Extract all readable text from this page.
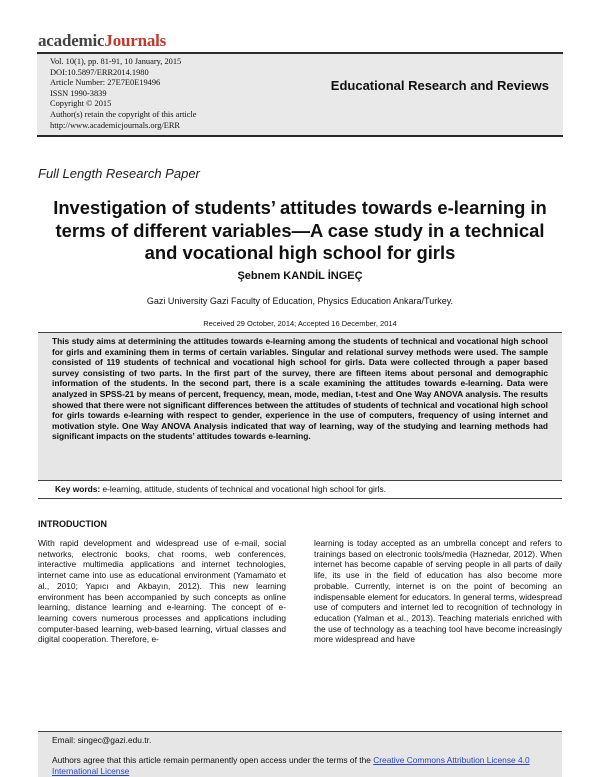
academicJournals
Vol. 10(1), pp. 81-91, 10 January, 2015
DOI:10.5897/ERR2014.1980
Article Number: 27E7E0E19496
ISSN 1990-3839
Copyright © 2015
Author(s) retain the copyright of this article
http://www.academicjournals.org/ERR
Educational Research and Reviews
Full Length Research Paper
Investigation of students’ attitudes towards e-learning in terms of different variables—A case study in a technical and vocational high school for girls
Şebnem KANDİL İNGEÇ
Gazi University Gazi Faculty of Education, Physics Education Ankara/Turkey.
Received 29 October, 2014; Accepted 16 December, 2014

This study aims at determining the attitudes towards e-learning among the students of technical and vocational high school for girls and examining them in terms of certain variables. Singular and relational survey methods were used. The sample consisted of 119 students of technical and vocational high school for girls. Data were collected through a paper based survey consisting of two parts. In the first part of the survey, there are fifteen items about personal and demographic information of the students. In the second part, there is a scale examining the attitudes towards e-learning. Data were analyzed in SPSS-21 by means of percent, frequency, mean, mode, median, t-test and One Way ANOVA analysis. The results showed that there were not significant differences between the attitudes of students of technical and vocational high school for girls towards e-learning with respect to gender, experience in the use of computers, frequency of using internet and motivation style. One Way ANOVA Analysis indicated that way of learning, way of the studying and learning methods had significant impacts on the students’ attitudes towards e-learning.

Key words: e-learning, attitude, students of technical and vocational high school for girls.
INTRODUCTION

With rapid development and widespread use of e-mail, social networks, electronic books, chat rooms, web conferences, interactive multimedia applications and internet technologies, internet came into use as educational environment (Yamamato et al., 2010; Yapıcı and Akbayın, 2012). This new learning environment has been accompanied by such concepts as online learning, distance learning and e-learning. The concept of e-learning covers numerous processes and applications including computer-based learning, web-based learning, virtual classes and digital cooperation. Therefore, e-

learning is today accepted as an umbrella concept and refers to trainings based on electronic tools/media (Haznedar, 2012). When internet has become capable of serving people in all parts of daily life, its use in the field of education has also become more probable. Currently, internet is on the point of becoming an indispensable element for educators. In general terms, widespread use of computers and internet led to recognition of technology in education (Yalman et al., 2013). Teaching materials enriched with the use of technology as a teaching tool have become increasingly more widespread and have

Email: singec@gazi.edu.tr.
Authors agree that this article remain permanently open access under the terms of the Creative Commons Attribution License 4.0 International License
